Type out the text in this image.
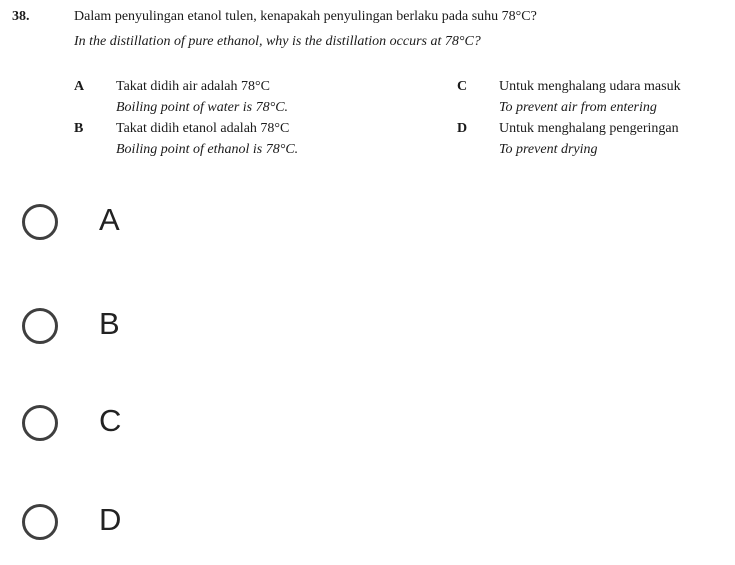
38.	Dalam penyulingan etanol tulen, kenapakah penyulingan berlaku pada suhu 78°C?
In the distillation of pure ethanol, why is the distillation occurs at 78°C?
A Takat didih air adalah 78°C
Boiling point of water is 78°C.
B Takat didih etanol adalah 78°C
Boiling point of ethanol is 78°C.
C Untuk menghalang udara masuk
To prevent air from entering
D Untuk menghalang pengeringan
To prevent drying
A
B
C
D
